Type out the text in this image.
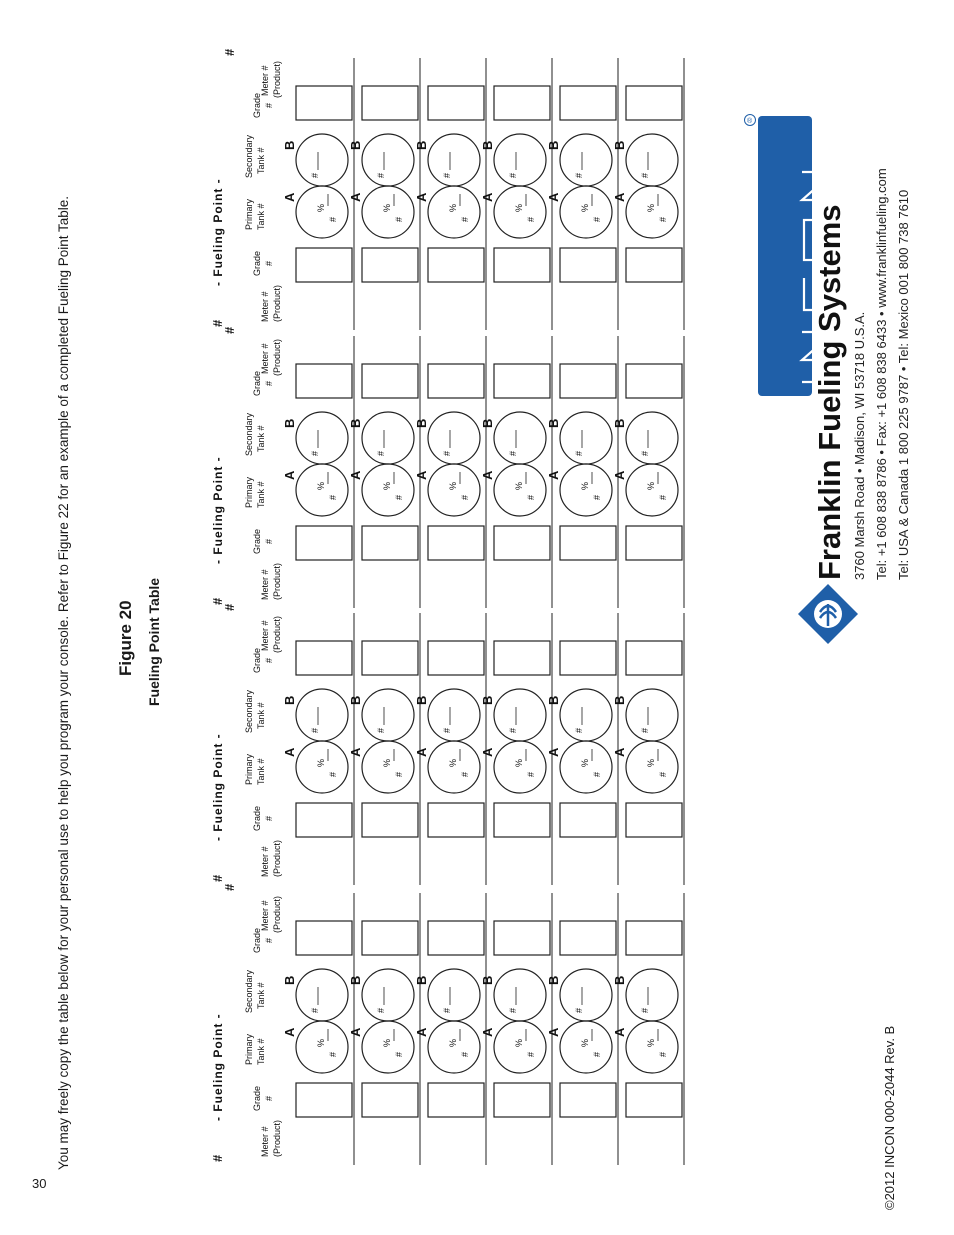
30
You may freely copy the table below for your personal use to help you program your console. Refer to Figure 22 for an example of a completed Fueling Point Table.	Figure 20 Fueling Point Table
#
- Fueling Point -
#
Meter # (Product)
Grade #
Primary Tank #
Secondary Tank #
Grade #
Meter # (Product)
A
B
%
#
#
A
B
%
#
#
A
B
%
#
#
A
B
%
#
#
A
B
%
#
#
A
B
%
#
#
#
- Fueling Point -
#
Meter # (Product)
Grade #
Primary Tank #
Secondary Tank #
Grade #
Meter # (Product)
A
B
%
#
#
A
B
%
#
#
A
B
%
#
#
A
B
%
#
#
A
B
%
#
#
A
B
%
#
#
#
- Fueling Point -
#
Meter # (Product)
Grade #
Primary Tank #
Secondary Tank #
Grade #
Meter # (Product)
A
B
%
#
#
A
B
%
#
#
A
B
%
#
#
A
B
%
#
#
A
B
%
#
#
A
B
%
#
#
#
- Fueling Point -
#
Meter # (Product)
Grade #
Primary Tank #
Secondary Tank #
Grade #
Meter # (Product)
A
B
%
#
#
A
B
%
#
#
A
B
%
#
#
A
B
%
#
#
A
B
%
#
#
A
B
%
#
#
®
Franklin Fueling Systems 3760 Marsh Road • Madison, WI 53718 U.S.A. Tel: +1 608 838 8786 • Fax: +1 608 838 6433 • www.franklinfueling.com Tel: USA & Canada 1 800 225 9787 • Tel: Mexico 001 800 738 7610
©2012 INCON 000-2044 Rev. B
